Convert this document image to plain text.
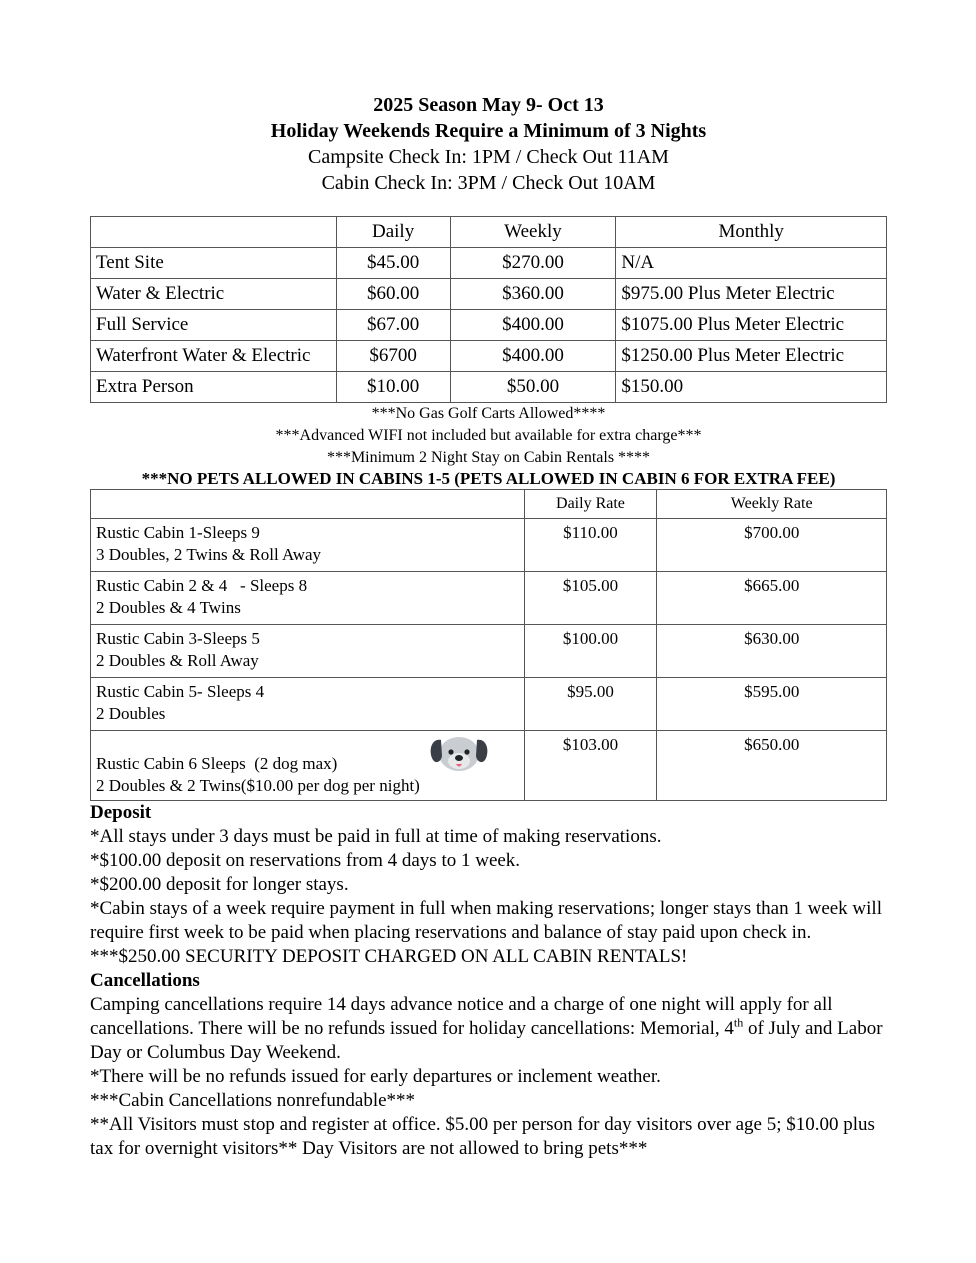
2025 Season May 9- Oct 13
Holiday Weekends Require a Minimum of 3 Nights
Campsite Check In: 1PM / Check Out 11AM
Cabin Check In: 3PM / Check Out 10AM
	Daily	Weekly	Monthly
Tent Site	$45.00	$270.00	N/A
Water & Electric	$60.00	$360.00	$975.00 Plus Meter Electric
Full Service	$67.00	$400.00	$1075.00 Plus Meter Electric
Waterfront Water & Electric	$6700	$400.00	$1250.00 Plus Meter Electric
Extra Person	$10.00	$50.00	$150.00
***No Gas Golf Carts Allowed****
***Advanced WIFI not included but available for extra charge***
***Minimum 2 Night Stay on Cabin Rentals ****
***NO PETS ALLOWED IN CABINS 1-5 (PETS ALLOWED IN CABIN 6 FOR EXTRA FEE)
	Daily Rate	Weekly Rate

Rustic Cabin 1-Sleeps 9
3 Doubles, 2 Twins & Roll Away	$110.00	$700.00

Rustic Cabin 2 & 4   - Sleeps 8
2 Doubles & 4 Twins	$105.00	$665.00

Rustic Cabin 3-Sleeps 5
2 Doubles & Roll Away	$100.00	$630.00

Rustic Cabin 5- Sleeps 4
2 Doubles	$95.00	$595.00

Rustic Cabin 6 Sleeps  (2 dog max)
2 Doubles & 2 Twins($10.00 per dog per night)	$103.00	$650.00

Deposit

*All stays under 3 days must be paid in full at time of making reservations.

*$100.00 deposit on reservations from 4 days to 1 week.

*$200.00 deposit for longer stays.

*Cabin stays of a week require payment in full when making reservations; longer stays than 1 week will require first week to be paid when placing reservations and balance of stay paid upon check in. ***$250.00 SECURITY DEPOSIT CHARGED ON ALL CABIN RENTALS!

Cancellations

Camping cancellations require 14 days advance notice and a charge of one night will apply for all cancellations. There will be no refunds issued for holiday cancellations: Memorial, 4th of July and Labor Day or Columbus Day Weekend.

*There will be no refunds issued for early departures or inclement weather.

***Cabin Cancellations nonrefundable***

**All Visitors must stop and register at office. $5.00 per person for day visitors over age 5; $10.00 plus tax for overnight visitors** Day Visitors are not allowed to bring pets***
